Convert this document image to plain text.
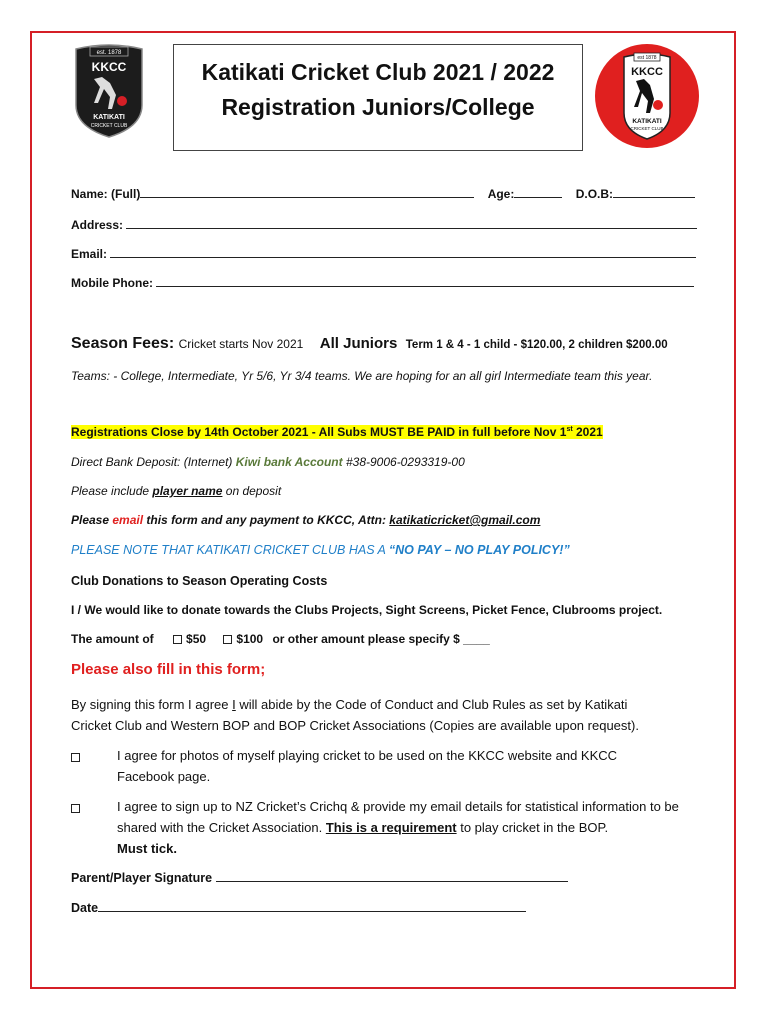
est. 1878
KKCC
KATIKATI
CRICKET CLUB
Katikati Cricket Club 2021 / 2022
Registration Juniors/College
est 1878
KKCC
KATIKATI
CRICKET CLUB
Name: (Full)	Age:	D.O.B:
Address:
Email:
Mobile Phone:
Season Fees: Cricket starts Nov 2021 All Juniors Term 1 & 4 - 1 child - $120.00, 2 children $200.00
Teams: - College, Intermediate, Yr 5/6, Yr 3/4 teams. We are hoping for an all girl Intermediate team this year.
Registrations Close by 14th October 2021 - All Subs MUST BE PAID in full before Nov 1st 2021
Direct Bank Deposit: (Internet) Kiwi bank Account #38-9006-0293319-00
Please include player name on deposit
Please email this form and any payment to KKCC, Attn: katikaticricket@gmail.com
PLEASE NOTE THAT KATIKATI CRICKET CLUB HAS A “NO PAY – NO PLAY POLICY!”
Club Donations to Season Operating Costs
I / We would like to donate towards the Clubs Projects, Sight Screens, Picket Fence, Clubrooms project.
The amount of	$50	$100 or other amount please specify $ ____
Please also fill in this form;
By signing this form I agree I will abide by the Code of Conduct and Club Rules as set by Katikati Cricket Club and Western BOP and BOP Cricket Associations (Copies are available upon request).
I agree for photos of myself playing cricket to be used on the KKCC website and KKCC Facebook page.
I agree to sign up to NZ Cricket’s Crichq & provide my email details for statistical information to be shared with the Cricket Association. This is a requirement to play cricket in the BOP.
Must tick.
Parent/Player Signature
Date
